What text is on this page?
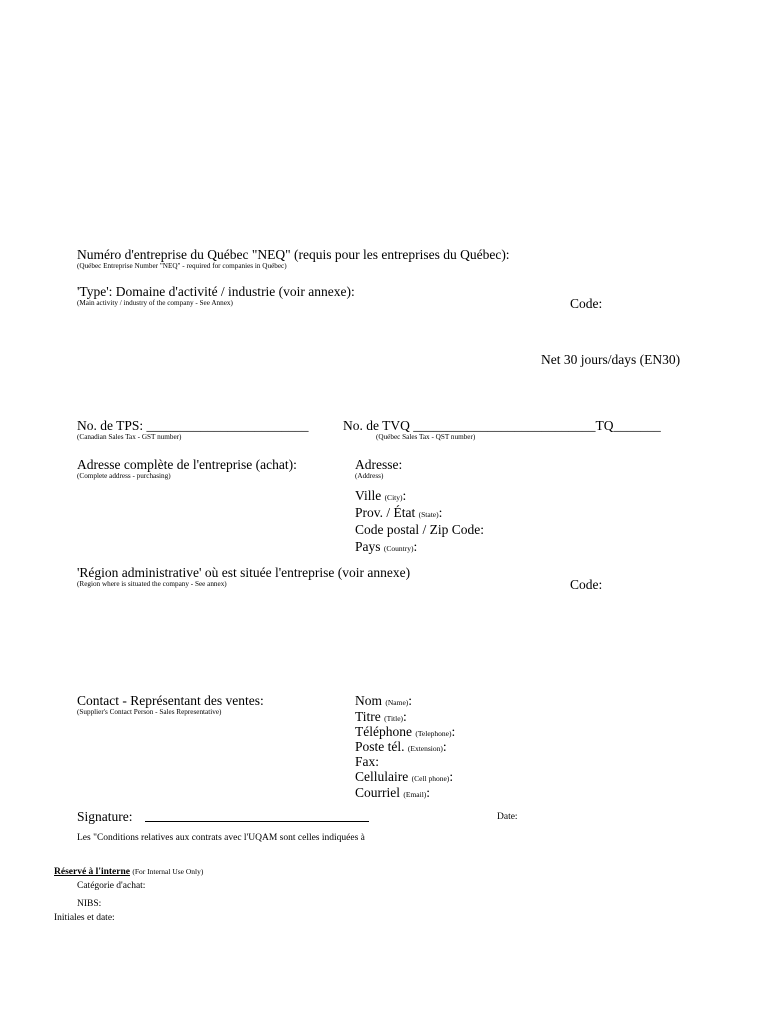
Numéro d'entreprise du Québec "NEQ" (requis pour les entreprises du Québec):
(Québec Entreprise Number "NEQ" - required for companies in Québec)
'Type': Domaine d'activité / industrie (voir annexe):
(Main activity / industry of the company - See Annex)	Code:
Net 30 jours/days (EN30)
No. de TPS: ________________________
(Canadian Sales Tax - GST number)
No. de TVQ ___________________________TQ_______
(Québec Sales Tax - QST number)
Adresse complète de l'entreprise (achat):
(Complete address - purchasing)
Adresse:
(Address)
Ville (City):
Prov. / État (State):
Code postal / Zip Code:
Pays (Country):
'Région administrative' où est située l'entreprise (voir annexe)
(Region where is situated the company - See annex)	Code:
Contact - Représentant des ventes:
(Supplier's Contact Person - Sales Representative)
Nom (Name):
Titre (Title):
Téléphone (Telephone):
Poste tél. (Extension):
Fax:
Cellulaire (Cell phone):
Courriel (Email):
Signature:	Date:
Les "Conditions relatives aux contrats avec l'UQAM sont celles indiquées à
Réservé à l'interne (For Internal Use Only)
Catégorie d'achat:
NIBS:
Initiales et date:
